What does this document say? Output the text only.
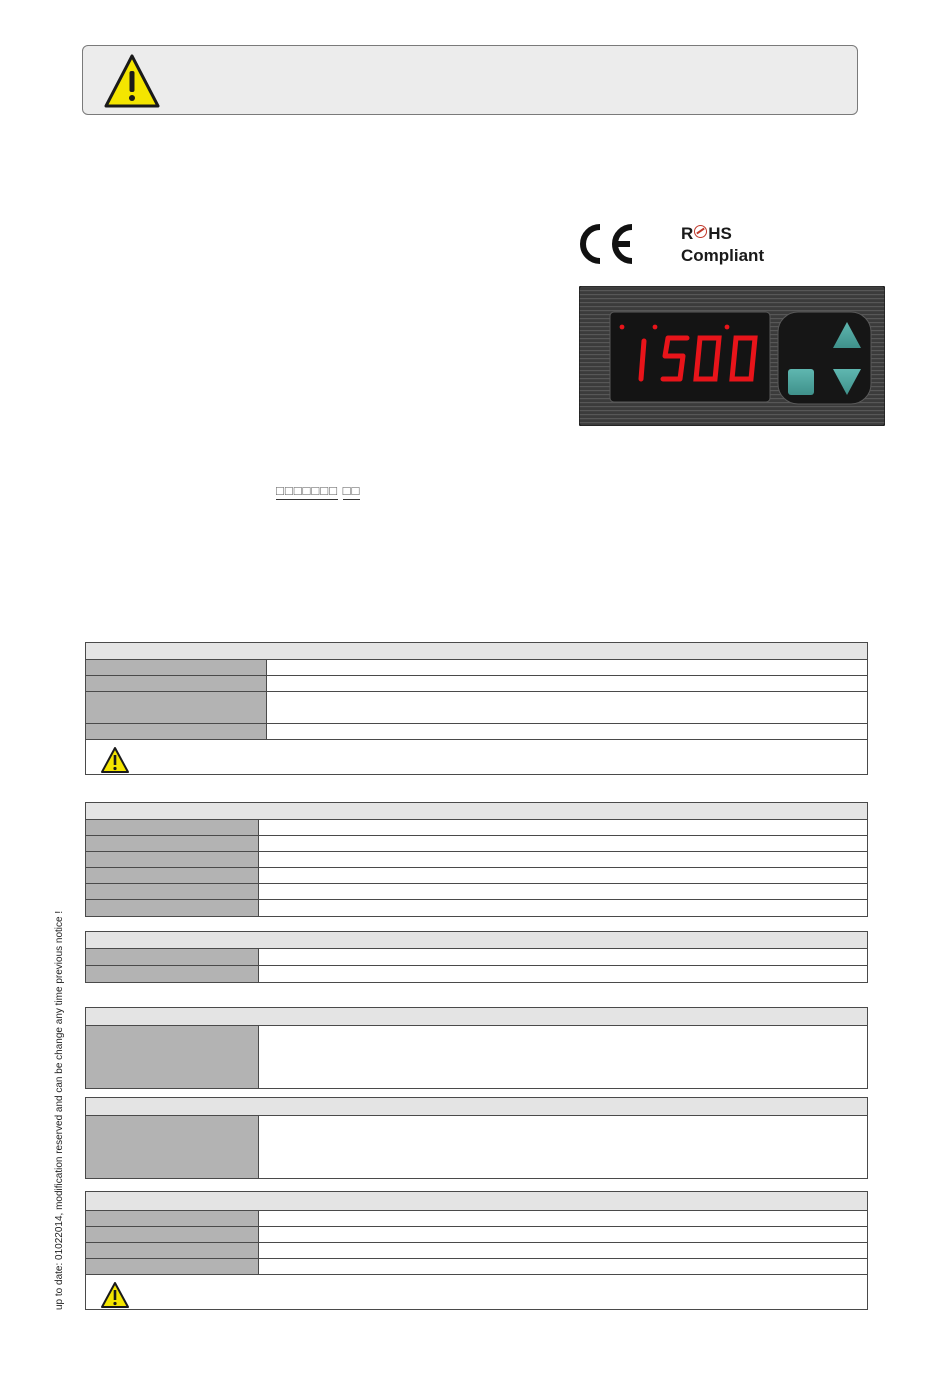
R HS
Compliant
□□□□□□□ □□
up to date: 01022014, modification reserved and can be change any time previous notice !
